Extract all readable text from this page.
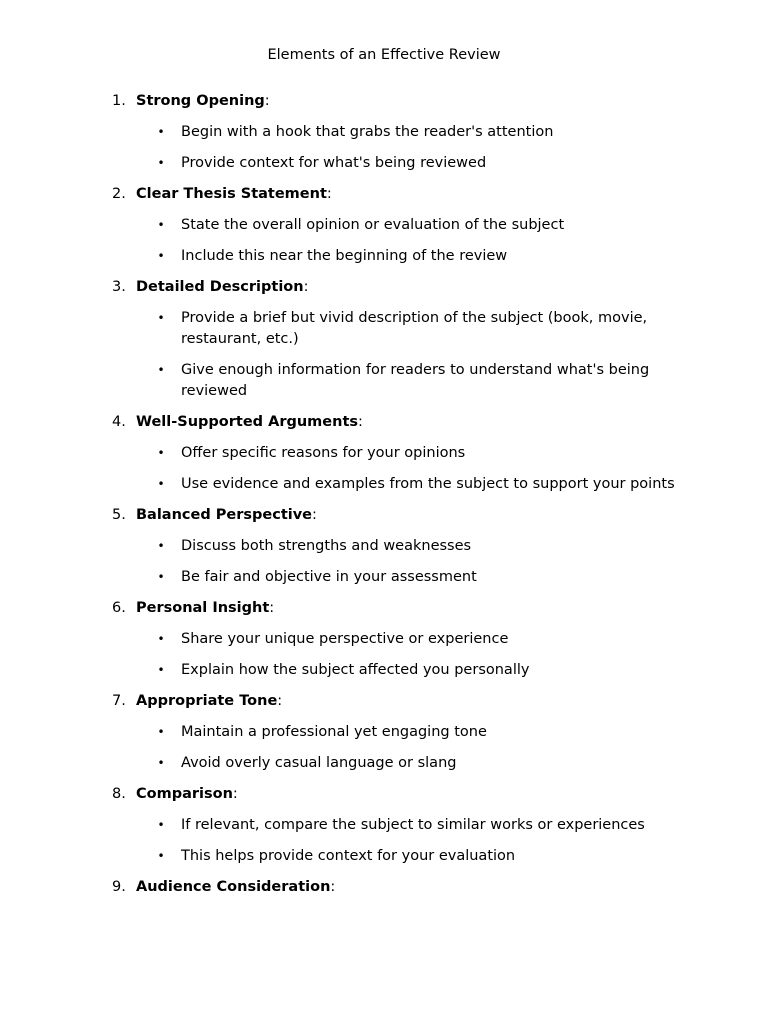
Elements of an Effective Review
1. Strong Opening:
• Begin with a hook that grabs the reader's attention
• Provide context for what's being reviewed
2. Clear Thesis Statement:
• State the overall opinion or evaluation of the subject
• Include this near the beginning of the review
3. Detailed Description:
• Provide a brief but vivid description of the subject (book, movie, restaurant, etc.)
• Give enough information for readers to understand what's being reviewed
4. Well-Supported Arguments:
• Offer specific reasons for your opinions
• Use evidence and examples from the subject to support your points
5. Balanced Perspective:
• Discuss both strengths and weaknesses
• Be fair and objective in your assessment
6. Personal Insight:
• Share your unique perspective or experience
• Explain how the subject affected you personally
7. Appropriate Tone:
• Maintain a professional yet engaging tone
• Avoid overly casual language or slang
8. Comparison:
• If relevant, compare the subject to similar works or experiences
• This helps provide context for your evaluation
9. Audience Consideration:
